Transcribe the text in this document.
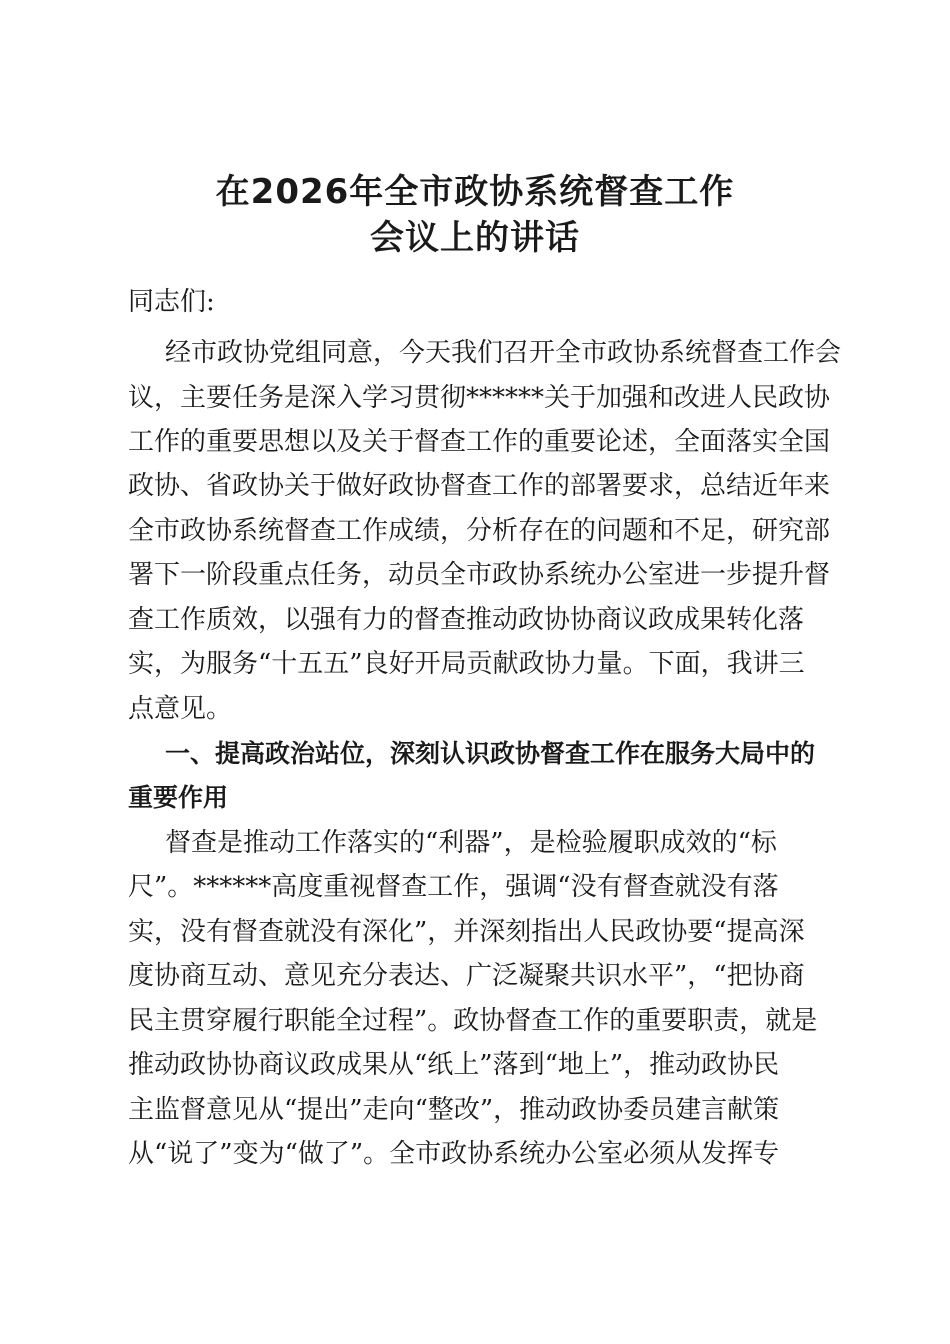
在2026年全市政协系统督查工作
会议上的讲话

同志们:

经市政协党组同意，今天我们召开全市政协系统督查工作会

议，主要任务是深入学习贯彻******关于加强和改进人民政协

工作的重要思想以及关于督查工作的重要论述，全面落实全国

政协、省政协关于做好政协督查工作的部署要求，总结近年来

全市政协系统督查工作成绩，分析存在的问题和不足，研究部

署下一阶段重点任务，动员全市政协系统办公室进一步提升督

查工作质效，以强有力的督查推动政协协商议政成果转化落

实，为服务“十五五”良好开局贡献政协力量。下面，我讲三

点意见。

一、提高政治站位，深刻认识政协督查工作在服务大局中的

重要作用

督查是推动工作落实的“利器”，是检验履职成效的“标

尺”。******高度重视督查工作，强调“没有督查就没有落

实，没有督查就没有深化”，并深刻指出人民政协要“提高深

度协商互动、意见充分表达、广泛凝聚共识水平”，“把协商

民主贯穿履行职能全过程”。政协督查工作的重要职责，就是

推动政协协商议政成果从“纸上”落到“地上”，推动政协民

主监督意见从“提出”走向“整改”，推动政协委员建言献策

从“说了”变为“做了”。全市政协系统办公室必须从发挥专
